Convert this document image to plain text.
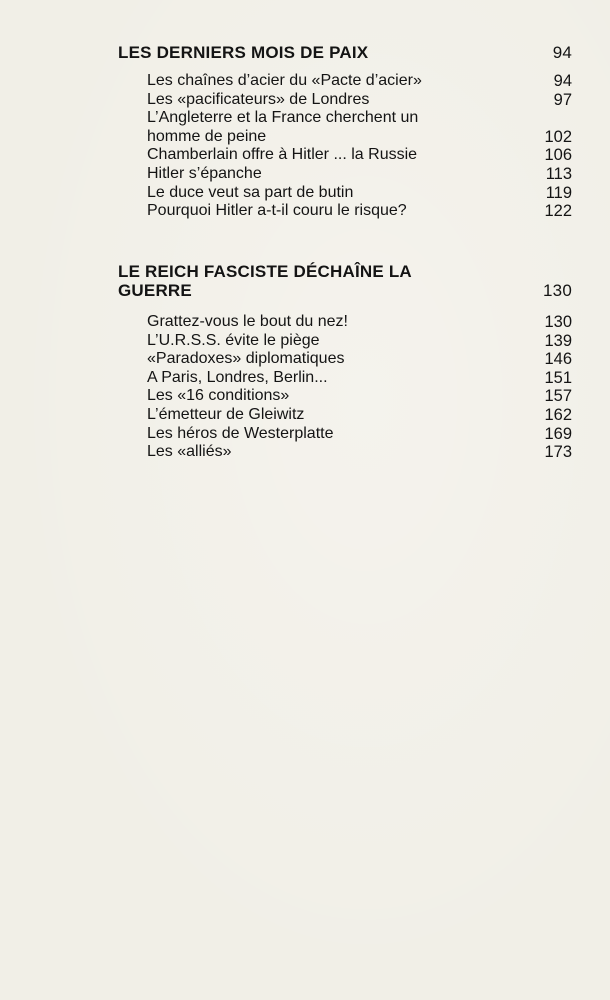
LES DERNIERS MOIS DE PAIX	94
Les chaînes d’acier du «Pacte d’acier»	94
Les «pacificateurs» de Londres	97
L’Angleterre et la France cherchent un homme de peine	102
Chamberlain offre à Hitler ... la Russie	106
Hitler s’épanche	113
Le duce veut sa part de butin	119
Pourquoi Hitler a-t-il couru le risque?	122
LE REICH FASCISTE DÉCHAÎNE LA GUERRE	130
Grattez-vous le bout du nez!	130
L’U.R.S.S. évite le piège	139
«Paradoxes» diplomatiques	146
A Paris, Londres, Berlin...	151
Les «16 conditions»	157
L’émetteur de Gleiwitz	162
Les héros de Westerplatte	169
Les «alliés»	173
